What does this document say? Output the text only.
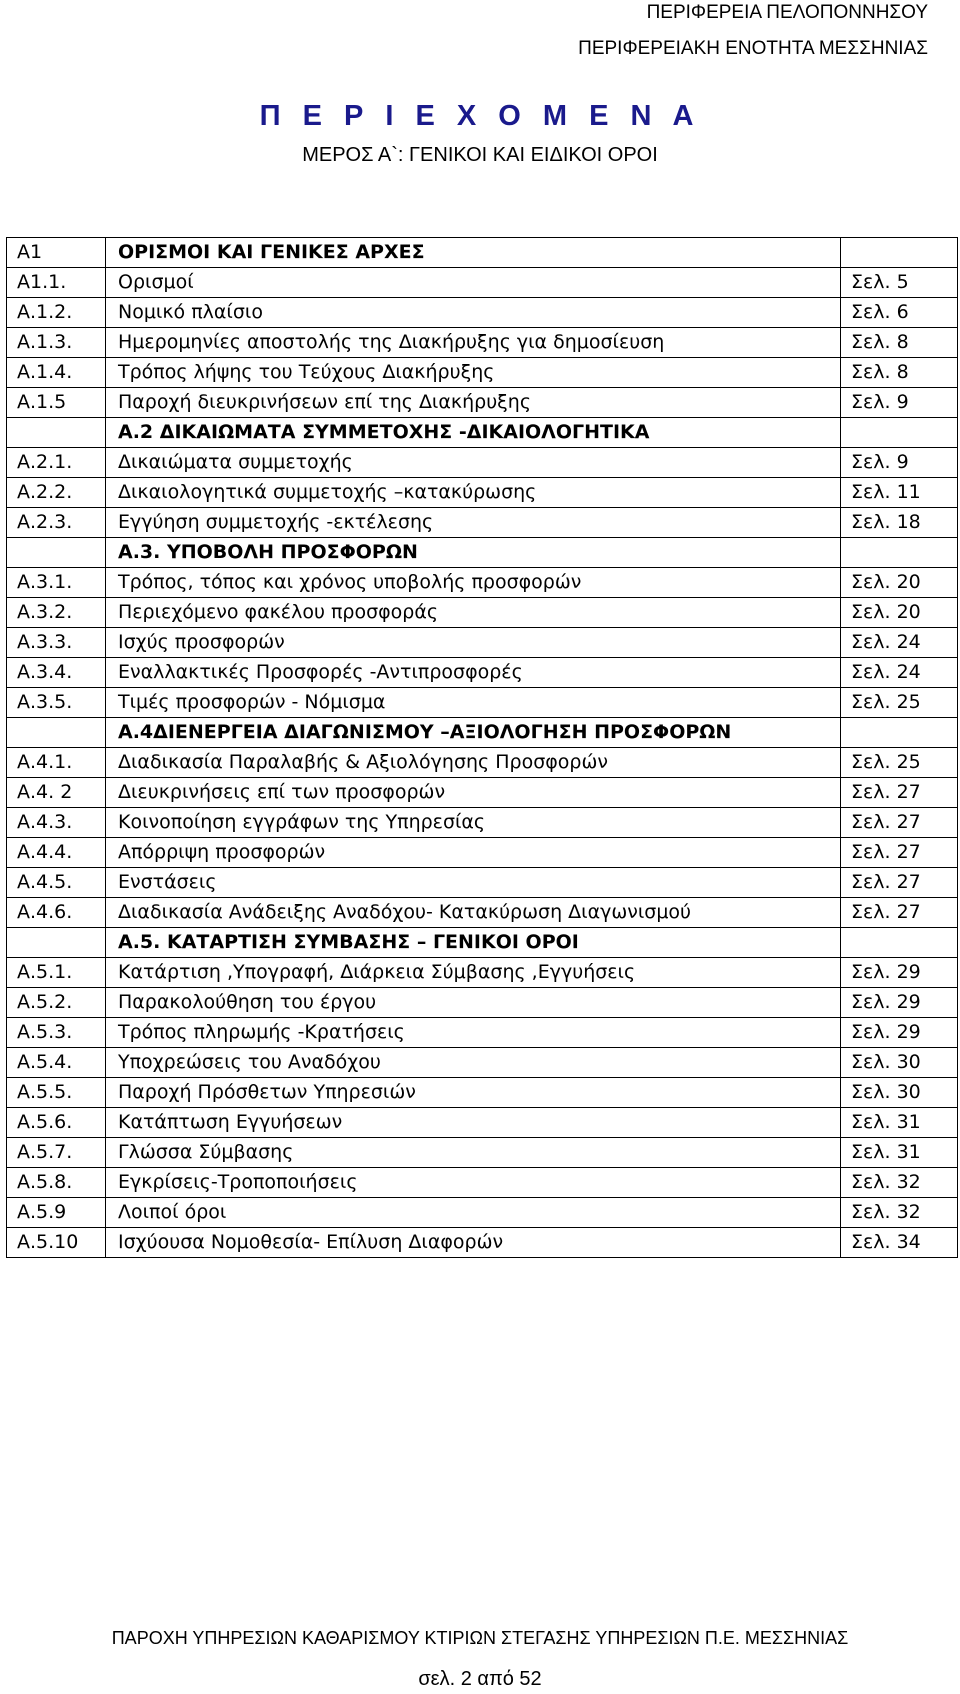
ΠΕΡΙΦΕΡΕΙΑ ΠΕΛΟΠΟΝΝΗΣΟΥ
ΠΕΡΙΦΕΡΕΙΑΚΗ ΕΝΟΤΗΤΑ ΜΕΣΣΗΝΙΑΣ
Π Ε Ρ Ι Ε Χ Ο Μ Ε Ν Α
ΜΕΡΟΣ Α`: ΓΕΝΙΚΟΙ ΚΑΙ ΕΙΔΙΚΟΙ ΟΡΟΙ
Α1	ΟΡΙΣΜΟΙ ΚΑΙ ΓΕΝΙΚΕΣ ΑΡΧΕΣ	
Α1.1.	Ορισμοί	Σελ. 5
Α.1.2.	Νομικό πλαίσιο	Σελ. 6
Α.1.3.	Ημερομηνίες αποστολής της Διακήρυξης για δημοσίευση	Σελ. 8
Α.1.4.	Τρόπος λήψης του Τεύχους Διακήρυξης	Σελ. 8
Α.1.5	Παροχή διευκρινήσεων επί της Διακήρυξης	Σελ. 9
	Α.2 ΔΙΚΑΙΩΜΑΤΑ ΣΥΜΜΕΤΟΧΗΣ -ΔΙΚΑΙΟΛΟΓΗΤΙΚΑ	
Α.2.1.	Δικαιώματα συμμετοχής	Σελ. 9
Α.2.2.	Δικαιολογητικά συμμετοχής –κατακύρωσης	Σελ. 11
Α.2.3.	Εγγύηση συμμετοχής -εκτέλεσης	Σελ. 18
	Α.3. ΥΠΟΒΟΛΗ ΠΡΟΣΦΟΡΩΝ	
Α.3.1.	Τρόπος, τόπος και χρόνος υποβολής προσφορών	Σελ. 20
Α.3.2.	Περιεχόμενο φακέλου προσφοράς	Σελ. 20
Α.3.3.	Ισχύς προσφορών	Σελ. 24
Α.3.4.	Εναλλακτικές Προσφορές -Αντιπροσφορές	Σελ. 24
Α.3.5.	Τιμές προσφορών - Νόμισμα	Σελ. 25
	Α.4ΔΙΕΝΕΡΓΕΙΑ ΔΙΑΓΩΝΙΣΜΟΥ –ΑΞΙΟΛΟΓΗΣΗ ΠΡΟΣΦΟΡΩΝ	
Α.4.1.	Διαδικασία Παραλαβής & Αξιολόγησης Προσφορών	Σελ. 25
Α.4. 2	Διευκρινήσεις επί των προσφορών	Σελ. 27
Α.4.3.	Κοινοποίηση εγγράφων της Υπηρεσίας	Σελ. 27
Α.4.4.	Απόρριψη προσφορών	Σελ. 27
Α.4.5.	Ενστάσεις	Σελ. 27
Α.4.6.	Διαδικασία Ανάδειξης Αναδόχου- Κατακύρωση Διαγωνισμού	Σελ. 27
	Α.5. ΚΑΤΑΡΤΙΣΗ ΣΥΜΒΑΣΗΣ – ΓΕΝΙΚΟΙ ΟΡΟΙ	
Α.5.1.	Κατάρτιση ,Υπογραφή, Διάρκεια Σύμβασης ,Εγγυήσεις	Σελ. 29
Α.5.2.	Παρακολούθηση του έργου	Σελ. 29
Α.5.3.	Τρόπος πληρωμής -Κρατήσεις	Σελ. 29
Α.5.4.	Υποχρεώσεις του Αναδόχου	Σελ. 30
Α.5.5.	Παροχή Πρόσθετων Υπηρεσιών	Σελ. 30
Α.5.6.	Κατάπτωση Εγγυήσεων	Σελ. 31
Α.5.7.	Γλώσσα Σύμβασης	Σελ. 31
Α.5.8.	Εγκρίσεις-Τροποποιήσεις	Σελ. 32
Α.5.9	Λοιποί όροι	Σελ. 32
Α.5.10	Ισχύουσα Νομοθεσία- Επίλυση Διαφορών	Σελ. 34
ΠΑΡΟΧΗ ΥΠΗΡΕΣΙΩΝ ΚΑΘΑΡΙΣΜΟΥ ΚΤΙΡΙΩΝ ΣΤΕΓΑΣΗΣ ΥΠΗΡΕΣΙΩΝ Π.Ε. ΜΕΣΣΗΝΙΑΣ
σελ. 2 από 52
